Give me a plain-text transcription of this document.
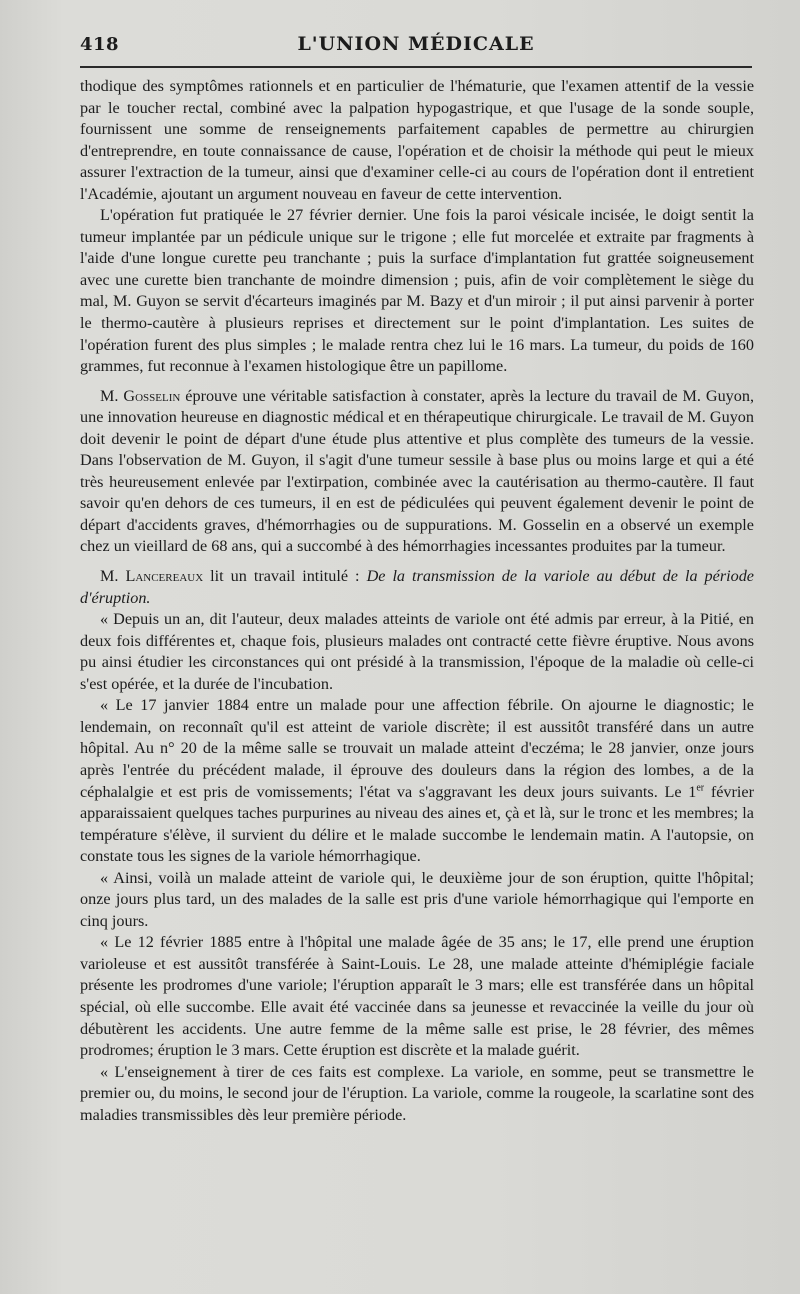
418	L'UNION MÉDICALE

thodique des symptômes rationnels et en particulier de l'hématurie, que l'examen attentif de la vessie par le toucher rectal, combiné avec la palpation hypogastrique, et que l'usage de la sonde souple, fournissent une somme de renseignements parfaitement capables de permettre au chirurgien d'entreprendre, en toute connaissance de cause, l'opération et de choisir la méthode qui peut le mieux assurer l'extraction de la tumeur, ainsi que d'examiner celle-ci au cours de l'opération dont il entretient l'Académie, ajoutant un argument nouveau en faveur de cette intervention.

L'opération fut pratiquée le 27 février dernier. Une fois la paroi vésicale incisée, le doigt sentit la tumeur implantée par un pédicule unique sur le trigone ; elle fut morcelée et extraite par fragments à l'aide d'une longue curette peu tranchante ; puis la surface d'implantation fut grattée soigneusement avec une curette bien tranchante de moindre dimension ; puis, afin de voir complètement le siège du mal, M. Guyon se servit d'écarteurs imaginés par M. Bazy et d'un miroir ; il put ainsi parvenir à porter le thermo-cautère à plusieurs reprises et directement sur le point d'implantation. Les suites de l'opération furent des plus simples ; le malade rentra chez lui le 16 mars. La tumeur, du poids de 160 grammes, fut reconnue à l'examen histologique être un papillome.

M. Gosselin éprouve une véritable satisfaction à constater, après la lecture du travail de M. Guyon, une innovation heureuse en diagnostic médical et en thérapeutique chirurgicale. Le travail de M. Guyon doit devenir le point de départ d'une étude plus attentive et plus complète des tumeurs de la vessie. Dans l'observation de M. Guyon, il s'agit d'une tumeur sessile à base plus ou moins large et qui a été très heureusement enlevée par l'extirpation, combinée avec la cautérisation au thermo-cautère. Il faut savoir qu'en dehors de ces tumeurs, il en est de pédiculées qui peuvent également devenir le point de départ d'accidents graves, d'hémorrhagies ou de suppurations. M. Gosselin en a observé un exemple chez un vieillard de 68 ans, qui a succombé à des hémorrhagies incessantes produites par la tumeur.

M. Lancereaux lit un travail intitulé : De la transmission de la variole au début de la période d'éruption.

« Depuis un an, dit l'auteur, deux malades atteints de variole ont été admis par erreur, à la Pitié, en deux fois différentes et, chaque fois, plusieurs malades ont contracté cette fièvre éruptive. Nous avons pu ainsi étudier les circonstances qui ont présidé à la transmission, l'époque de la maladie où celle-ci s'est opérée, et la durée de l'incubation.

« Le 17 janvier 1884 entre un malade pour une affection fébrile. On ajourne le diagnostic; le lendemain, on reconnaît qu'il est atteint de variole discrète; il est aussitôt transféré dans un autre hôpital. Au n° 20 de la même salle se trouvait un malade atteint d'eczéma; le 28 janvier, onze jours après l'entrée du précédent malade, il éprouve des douleurs dans la région des lombes, a de la céphalalgie et est pris de vomissements; l'état va s'aggravant les deux jours suivants. Le 1er février apparaissaient quelques taches purpurines au niveau des aines et, çà et là, sur le tronc et les membres; la température s'élève, il survient du délire et le malade succombe le lendemain matin. A l'autopsie, on constate tous les signes de la variole hémorrhagique.

« Ainsi, voilà un malade atteint de variole qui, le deuxième jour de son éruption, quitte l'hôpital; onze jours plus tard, un des malades de la salle est pris d'une variole hémorrhagique qui l'emporte en cinq jours.

« Le 12 février 1885 entre à l'hôpital une malade âgée de 35 ans; le 17, elle prend une éruption varioleuse et est aussitôt transférée à Saint-Louis. Le 28, une malade atteinte d'hémiplégie faciale présente les prodromes d'une variole; l'éruption apparaît le 3 mars; elle est transférée dans un hôpital spécial, où elle succombe. Elle avait été vaccinée dans sa jeunesse et revaccinée la veille du jour où débutèrent les accidents. Une autre femme de la même salle est prise, le 28 février, des mêmes prodromes; éruption le 3 mars. Cette éruption est discrète et la malade guérit.

« L'enseignement à tirer de ces faits est complexe. La variole, en somme, peut se transmettre le premier ou, du moins, le second jour de l'éruption. La variole, comme la rougeole, la scarlatine sont des maladies transmissibles dès leur première période.
